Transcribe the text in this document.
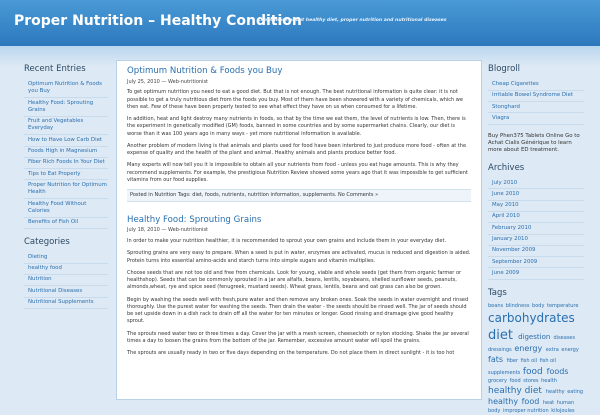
Proper Nutrition – Healthy Condition
Learn more about healthy diet, proper nutrition and nutritional diseases
Recent Entries
Optimum Nutrition & Foods you Buy
Healthy Food: Sprouting Grains
Fruit and Vegetables Everyday
How to Have Low Carb Diet
Foods High in Magnesium
Fiber Rich Foods In Your Diet
Tips to Eat Properly
Proper Nutrition for Optimum Health
Healthy Food Without Calories
Benefits of Fish Oil
Categories
Dieting
healthy food
Nutrition
Nutritional Diseases
Nutritional Supplements
Optimum Nutrition & Foods you Buy
July 25, 2010 — Web-nutritionist

To get optimum nutrition you need to eat a good diet. But that is not enough. The best nutritional information is quite clear: it is not possible to get a truly nutritious diet from the foods you buy. Most of them have been showered with a variety of chemicals, which we then eat. Few of these have been properly tested to see what effect they have on us when consumed for a lifetime.

In addition, heat and light destroy many nutrients in foods, so that by the time we eat them, the level of nutrients is low. Then, there is the experiment in genetically modified (GM) foods, banned in some countries and by some supermarket chains. Clearly, our diet is worse than it was 100 years ago in many ways - yet more nutritional information is available.

Another problem of modern living is that animals and plants used for food have been interbred to just produce more food - often at the expense of quality and the health of the plant and animal. Healthy animals and plants produce better food.

Many experts will now tell you it is impossible to obtain all your nutrients from food - unless you eat huge amounts. This is why they recommend supplements. For example, the prestigious Nutrition Review showed some years ago that it was impossible to get sufficient vitamins from our food supplies.

Posted in Nutrition Tags: diet, foods, nutrients, nutrition information, supplements. No Comments »
Healthy Food: Sprouting Grains
July 18, 2010 — Web-nutritionist

In order to make your nutrition healthier, it is recommended to sprout your own grains and include them in your everyday diet.

Sprouting grains are very easy to prepare. When a seed is put in water, enzymes are activated, mucus is reduced and digestion is aided. Protein turns into essential amino-acids and starch turns into simple sugars and vitamin multiplies.

Choose seeds that are not too old and free from chemicals. Look for young, viable and whole seeds (get them from organic farmer or healthshop). Seeds that can be commonly sprouted in a jar are alfalfa, beans, lentils, soyabeans, shelled sunflower seeds, peanuts, almonds,wheat, rye and spice seed (fenugreek, mustard seeds). Wheat grass, lentils, beans and oat grass can also be grown.

Begin by washing the seeds well with fresh,pure water and then remove any broken ones. Soak the seeds in water overnight and rinsed thoroughly. Use the purest water for washing the seeds. Then drain the water - the seeds should be rinsed well. The jar of seeds should be set upside down in a dish rack to drain off all the water for ten minutes or longer. Good rinsing and dramage give good healthy sprout.

The sprouts need water two or three times a day. Cover the jar with a mesh screen, cheesecloth or nylon stocking. Shake the jar several times a day to loosen the grains from the bottom of the jar. Remember, excessive amount water will spoil the grains.

The sprouts are usually ready in two or five days depending on the temperature. Do not place them in direct sunlight - it is too hot

Blogroll
Cheap Cigarettes
Irritable Bowel Syndrome Diet
Stonghard
Viagra
Buy Phen375 Tablets Online Go to Achat Cialis Générique to learn more about ED treatment.
Archives
July 2010
June 2010
May 2010
April 2010
February 2010
January 2010
November 2009
September 2009
June 2009
Tags
beans blindness body temperature carbohydrates diet digestion diseases dressings energy extra energy fats fiber fish oil fish oil supplements food foods grocery food stores health healthy diet healthy eating healthy food heat human body improper nutrition kilojoules
